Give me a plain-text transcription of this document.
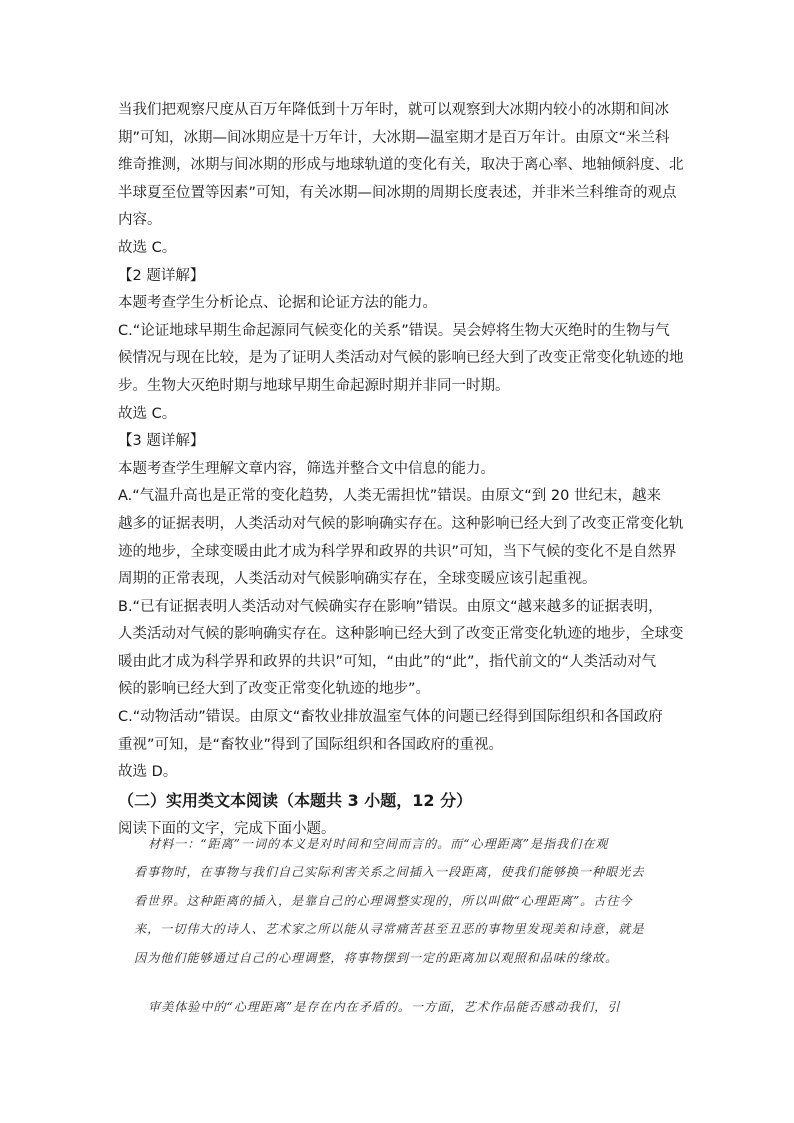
当我们把观察尺度从百万年降低到十万年时，就可以观察到大冰期内较小的冰期和间冰
期”可知，冰期—间冰期应是十万年计，大冰期—温室期才是百万年计。由原文“米兰科
维奇推测，冰期与间冰期的形成与地球轨道的变化有关，取决于离心率、地轴倾斜度、北
半球夏至位置等因素”可知，有关冰期—间冰期的周期长度表述，并非米兰科维奇的观点
内容。
故选 C。
【2 题详解】
本题考查学生分析论点、论据和论证方法的能力。
C.“论证地球早期生命起源同气候变化的关系”错误。吴会婷将生物大灭绝时的生物与气
候情况与现在比较，是为了证明人类活动对气候的影响已经大到了改变正常变化轨迹的地
步。生物大灭绝时期与地球早期生命起源时期并非同一时期。
故选 C。
【3 题详解】
本题考查学生理解文章内容，筛选并整合文中信息的能力。
A.“气温升高也是正常的变化趋势，人类无需担忧”错误。由原文“到 20 世纪末，越来
越多的证据表明，人类活动对气候的影响确实存在。这种影响已经大到了改变正常变化轨
迹的地步，全球变暖由此才成为科学界和政界的共识”可知，当下气候的变化不是自然界
周期的正常表现，人类活动对气候影响确实存在，全球变暖应该引起重视。
B.“已有证据表明人类活动对气候确实存在影响”错误。由原文“越来越多的证据表明，
人类活动对气候的影响确实存在。这种影响已经大到了改变正常变化轨迹的地步，全球变
暖由此才成为科学界和政界的共识”可知，“由此”的“此”，指代前文的“人类活动对气
候的影响已经大到了改变正常变化轨迹的地步”。
C.“动物活动”错误。由原文“畜牧业排放温室气体的问题已经得到国际组织和各国政府
重视”可知，是“畜牧业”得到了国际组织和各国政府的重视。
故选 D。
（二）实用类文本阅读（本题共 3 小题，12 分）
阅读下面的文字，完成下面小题。
材料一：“距离”一词的本义是对时间和空间而言的。而“心理距离”是指我们在观
看事物时，在事物与我们自己实际利害关系之间插入一段距离，使我们能够换一种眼光去
看世界。这种距离的插入，是靠自己的心理调整实现的，所以叫做“心理距离”。古往今
来，一切伟大的诗人、艺术家之所以能从寻常痛苦甚至丑恶的事物里发现美和诗意，就是
因为他们能够通过自己的心理调整，将事物摆到一定的距离加以观照和品味的缘故。
审美体验中的“心理距离”是存在内在矛盾的。一方面，艺术作品能否感动我们，引
